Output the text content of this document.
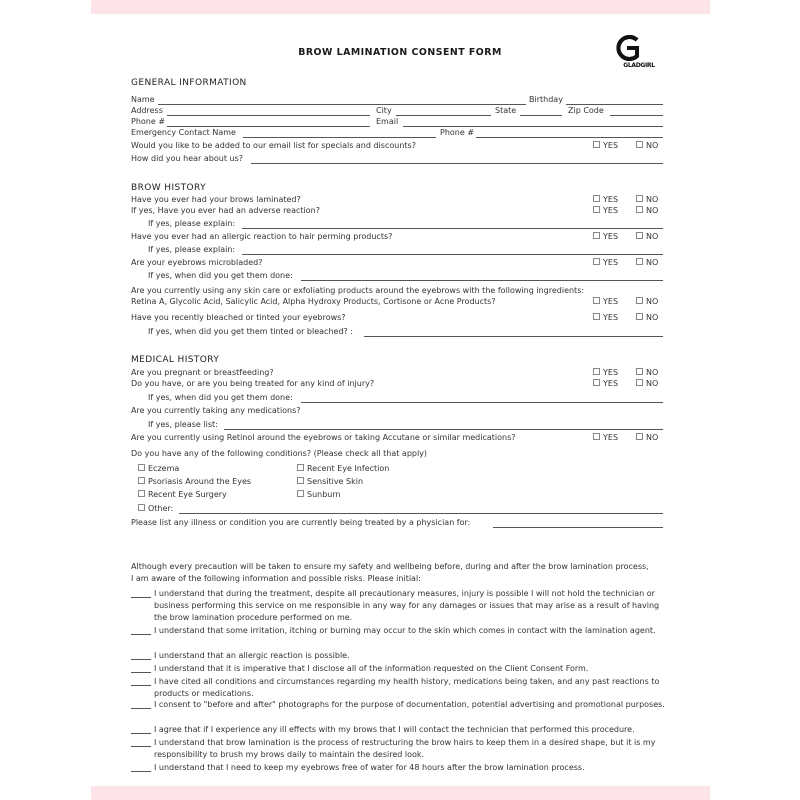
BROW LAMINATION CONSENT FORM
GLADGIRL
GENERAL INFORMATION
Name	Birthday
Address	City	State	Zip Code
Phone #	Email
Emergency Contact Name	Phone #
Would you like to be added to our email list for specials and discounts?	YES	NO
How did you hear about us?
BROW HISTORY
Have you ever had your brows laminated?	YES	NO
If yes, Have you ever had an adverse reaction?	YES	NO
If yes, please explain:
Have you ever had an allergic reaction to hair perming products?	YES	NO
If yes, please explain:
Are your eyebrows microbladed?	YES	NO
If yes, when did you get them done:
Are you currently using any skin care or exfoliating products around the eyebrows with the following ingredients:
Retina A, Glycolic Acid, Salicylic Acid, Alpha Hydroxy Products, Cortisone or Acne Products?	YES	NO
Have you recently bleached or tinted your eyebrows?	YES	NO
If yes, when did you get them tinted or bleached? :
MEDICAL HISTORY
Are you pregnant or breastfeeding?	YES	NO
Do you have, or are you being treated for any kind of injury?	YES	NO
If yes, when did you get them done:
Are you currently taking any medications?
If yes, please list:
Are you currently using Retinol around the eyebrows or taking Accutane or similar medications?	YES	NO
Do you have any of the following conditions? (Please check all that apply)
Eczema	Recent Eye Infection
Psoriasis Around the Eyes	Sensitive Skin
Recent Eye Surgery	Sunburn
Other:
Please list any illness or condition you are currently being treated by a physician for:
Although every precaution will be taken to ensure my safety and wellbeing before, during and after the brow lamination process,
I am aware of the following information and possible risks. Please initial:
I understand that during the treatment, despite all precautionary measures, injury is possible I will not hold the technician or business performing this service on me responsible in any way for any damages or issues that may arise as a result of having the brow lamination procedure performed on me.
I understand that some irritation, itching or burning may occur to the skin which comes in contact with the lamination agent.
I understand that an allergic reaction is possible.
I understand that it is imperative that I disclose all of the information requested on the Client Consent Form.
I have cited all conditions and circumstances regarding my health history, medications being taken, and any past reactions to products or medications.
I consent to "before and after" photographs for the purpose of documentation, potential advertising and promotional purposes.
I agree that if I experience any ill effects with my brows that I will contact the technician that performed this procedure.
I understand that brow lamination is the process of restructuring the brow hairs to keep them in a desired shape, but it is my responsibility to brush my brows daily to maintain the desired look.
I understand that I need to keep my eyebrows free of water for 48 hours after the brow lamination process.
